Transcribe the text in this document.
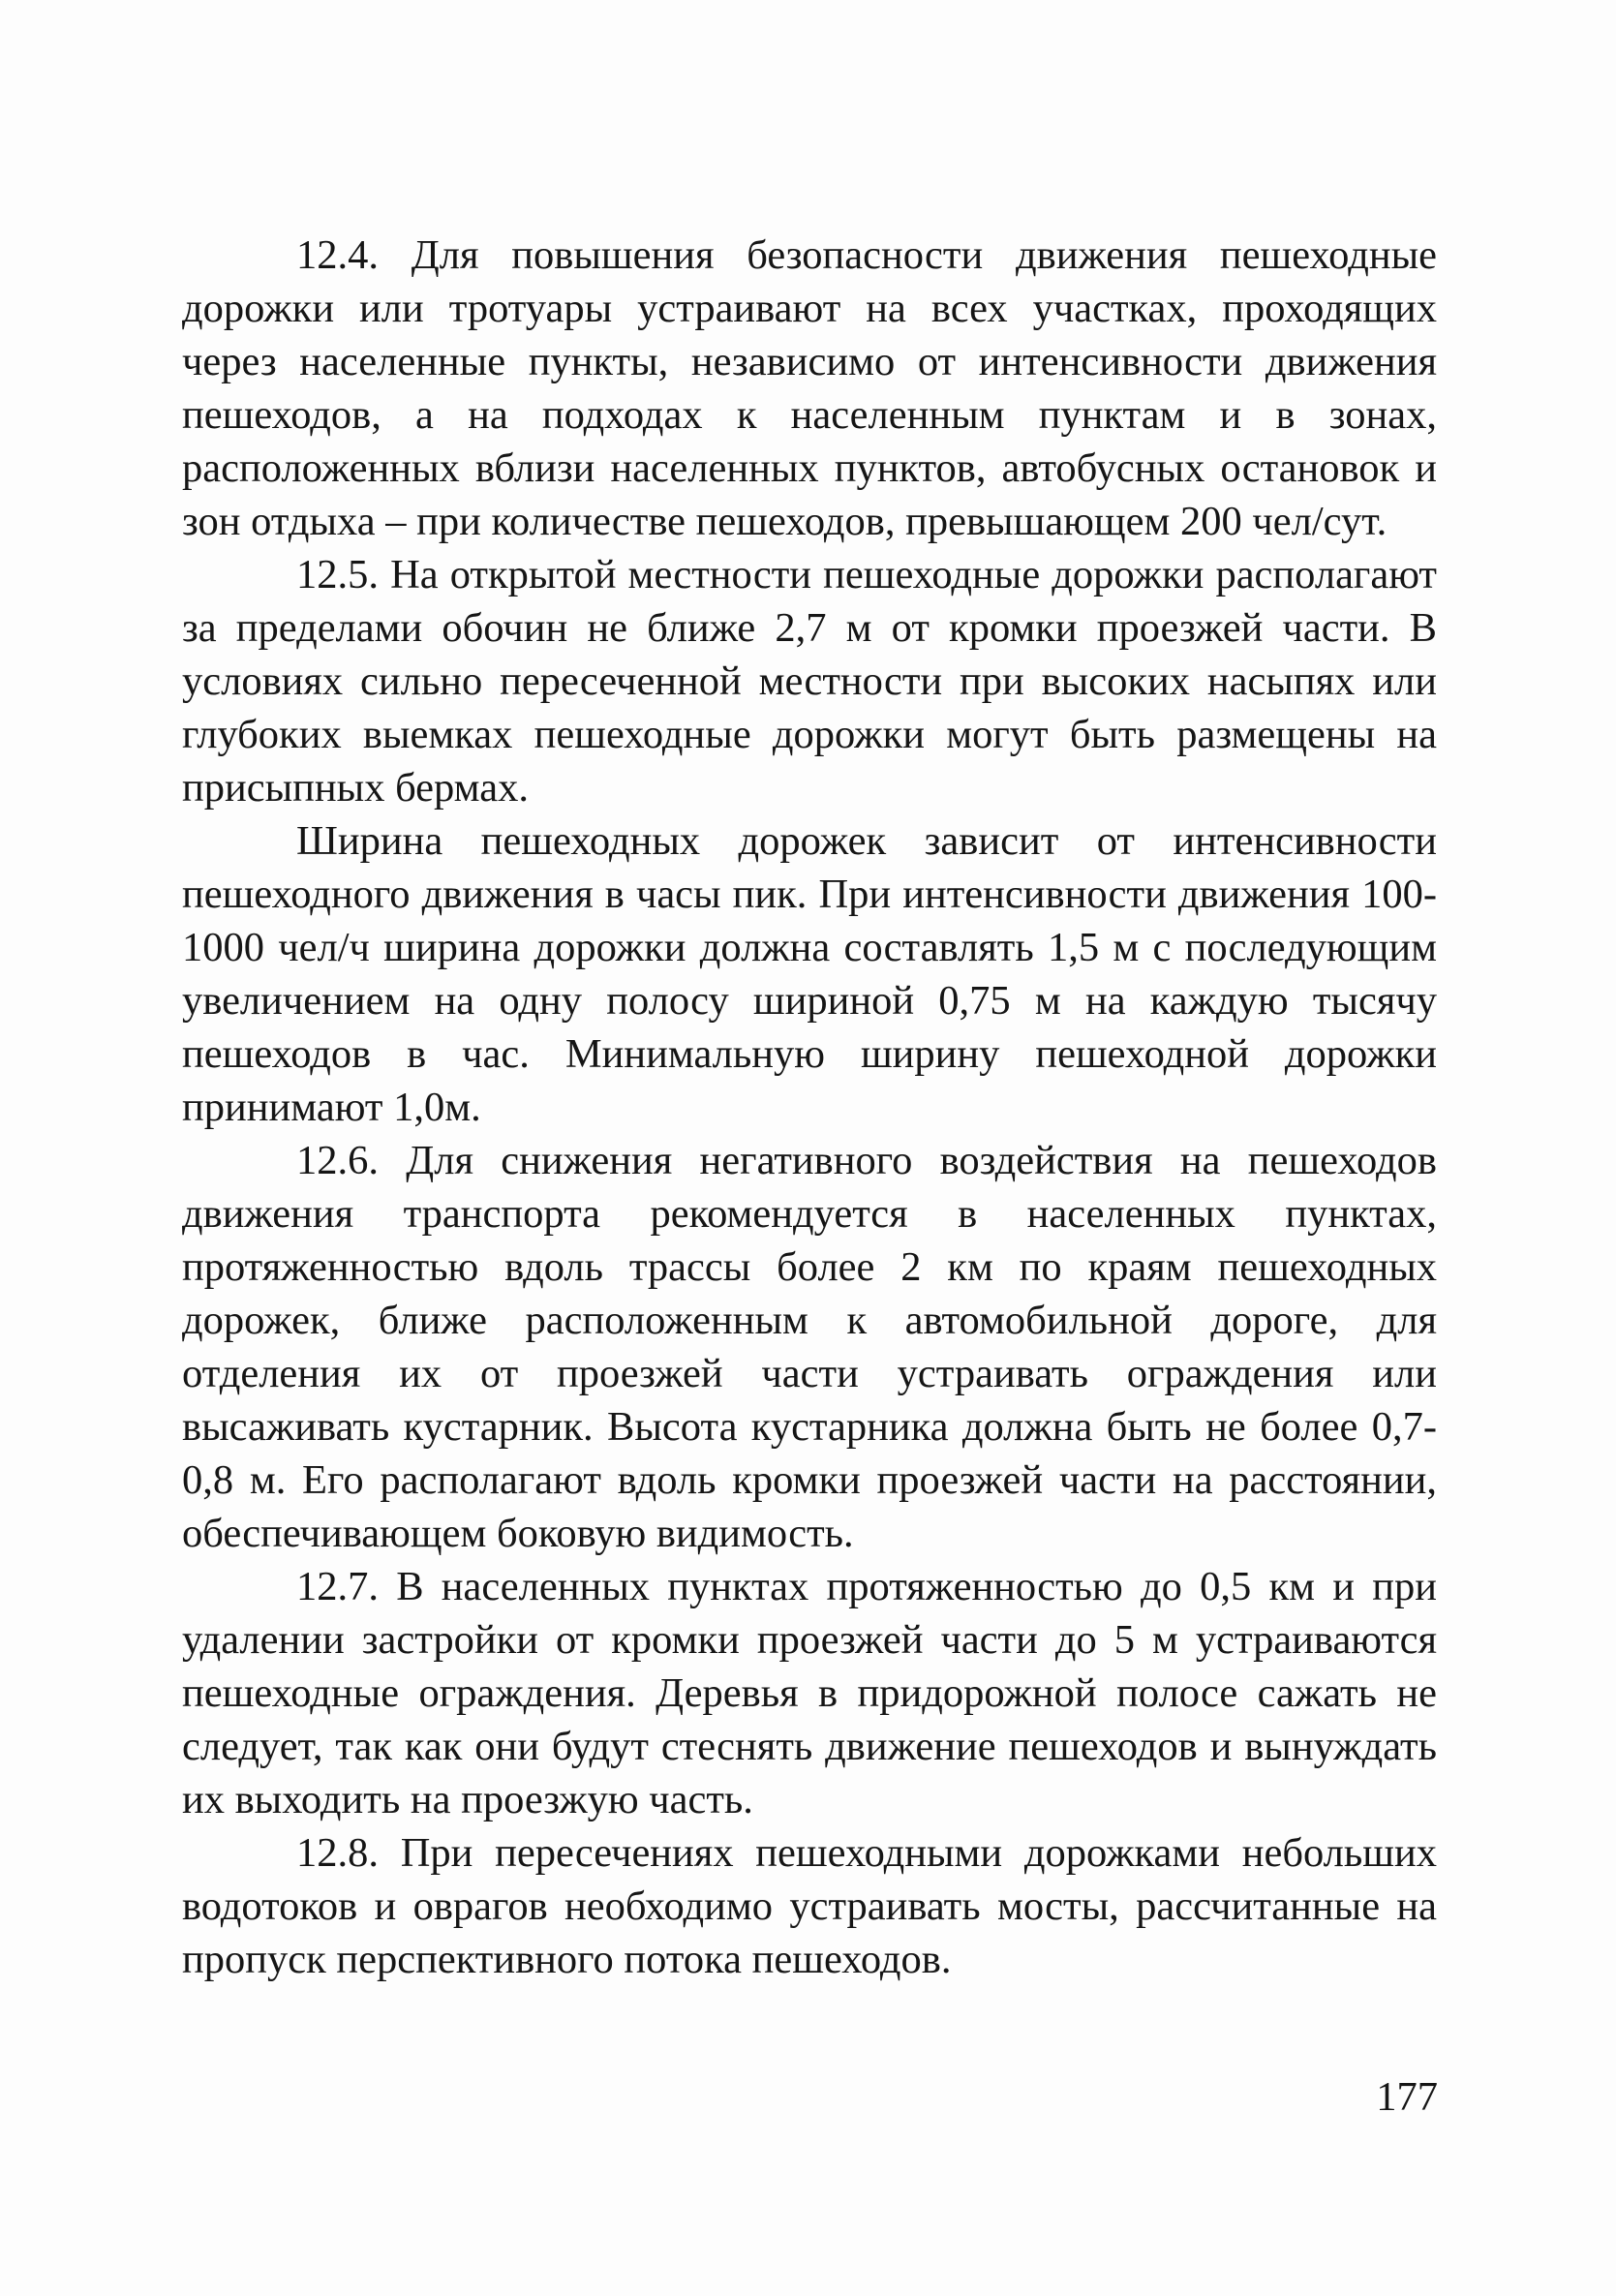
12.4. Для повышения безопасности движения пешеходные дорожки или тротуары устраивают на всех участках, проходящих через населенные пункты, независимо от интенсивности движения пешеходов, а на подходах к населенным пунктам и в зонах, расположенных вблизи населенных пунктов, автобусных остановок и зон отдыха – при количестве пешеходов, превышающем 200 чел/сут.

12.5. На открытой местности пешеходные дорожки располагают за пределами обочин не ближе 2,7 м от кромки проезжей части. В условиях сильно пересеченной местности при высоких насыпях или глубоких выемках пешеходные дорожки могут быть размещены на присыпных бермах.

Ширина пешеходных дорожек зависит от интенсивности пешеходного движения в часы пик. При интенсивности движения 100-1000 чел/ч ширина дорожки должна составлять 1,5 м с последующим увеличением на одну полосу шириной 0,75 м на каждую тысячу пешеходов в час. Минимальную ширину пешеходной дорожки принимают 1,0м.

12.6. Для снижения негативного воздействия на пешеходов движения транспорта рекомендуется в населенных пунктах, протяженностью вдоль трассы более 2 км по краям пешеходных дорожек, ближе расположенным к автомобильной дороге, для отделения их от проезжей части устраивать ограждения или высаживать кустарник. Высота кустарника должна быть не более 0,7-0,8 м. Его располагают вдоль кромки проезжей части на расстоянии, обеспечивающем боковую видимость.

12.7. В населенных пунктах протяженностью до 0,5 км и при удалении застройки от кромки проезжей части до 5 м устраиваются пешеходные ограждения. Деревья в придорожной полосе сажать не следует, так как они будут стеснять движение пешеходов и вынуждать их выходить на проезжую часть.

12.8. При пересечениях пешеходными дорожками небольших водотоков и оврагов необходимо устраивать мосты, рассчитанные на пропуск перспективного потока пешеходов.

177
